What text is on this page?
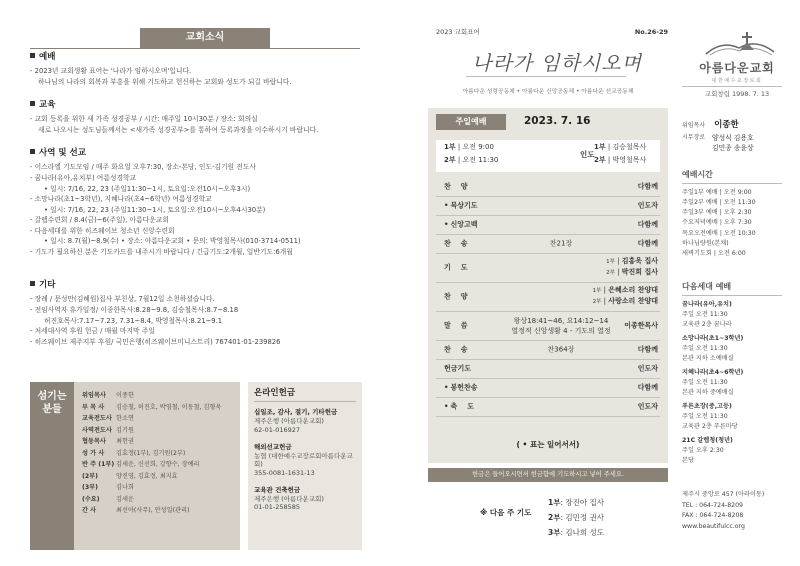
교회소식
예배

- 2023년 교회생활 표어는 '나라가 임하시오며'입니다.

하나님의 나라의 회복과 부흥을 위해 기도하고 헌신하는 교회와 성도가 되길 바랍니다.

교육

- 교회 등록을 위한 새 가족 성경공부 / 시간: 매주일 10시30분 / 장소: 회의실

새로 나오시는 성도님들께서는 <새가족 성경공부>를 통하여 등록과정을 이수하시기 바랍니다.

사역 및 선교

- 이스라엘 기도모임 / 매주 화요일 오후7:30, 장소-본당, 인도-김기원 전도사

- 꿈나라(유아,유치부) 여름성경학교

• 일시: 7/16, 22, 23 (주일11:30~1시, 토요일:오전10시~오후3시)

- 소망나라(초1~3학년), 지혜나라(초4~6학년) 여름성경학교

• 일시: 7/16, 22, 23 (주일11:30~1시, 토요일:오전10시~오후4시30분)

- 갈렙수련회 / 8.4(금)~6(주일), 아름다운교회

- 다음세대를 위한 히즈웨이브 청소년 신앙수련회

• 일시: 8.7(월)~8.9(수) • 장소: 아름다운교회 • 문의: 박영철목사(010-3714-0511)

- 기도가 필요하신 분은 기도카드를 내주시기 바랍니다 / 긴급기도:2개월, 일반기도:6개월

기타

- 장례 / 문성만(김혜원)집사 부친상, 7월12일 소천하셨습니다.

- 전임사역자 휴가일정/ 이종한목사:8.28~9.8, 김승철목사:8.7~8.18

허진호목사:7.17~7.23, 7.31~8.4, 박영철목사:8.21~9.1

- 처세대사역 후원 헌금 / 매월 마지막 주일

- 히즈웨이브 제주지부 후원/ 국민은행(히즈웨이브미니스트리) 767401-01-239826

섬기는
분들
위임목사	이종한
부 목 사	김승철, 허진호, 박영철, 이동철, 김형욱
교육전도사 한소연
사역전도사 김기원
협동목사	최헌권
성 가 사	김효정(1부), 김기원(2부)
반 주 (1부) 김세운, 신선희, 강향수, 장예리
(2부)	양진영, 김효정, 최지효
(3부)	김나희
(수요)	김세운
간 사	최선아(사무), 안성일(관리)
온라인헌금
십일조, 감사, 절기, 기타헌금
제주은행 (아름다운교회)
62-01-016927
해외선교헌금
농협 (대한예수교장로회아름다운교회)
355-0081-1631-13
교육관 건축헌금
제주은행 (아름다운교회)
01-01-258585
2023 교회표어	No.26-29
나라가 임하시오며
아름다운 성령공동체 • 아름다운 신앙공동체 • 아름다운 선교공동체
주일예배	2023. 7. 16
1부 | 오전 9:00
2부 | 오전 11:30
인도
1부 | 김승철목사
2부 | 박영철목사
찬양	다함께
• 묵상기도	인도자
• 신앙고백	다함께
찬송	찬21장	다함께
기도
1부 | 김홍욱 집사
2부 | 박진희 집사
찬양
1부 | 은혜소리 찬양대
2부 | 사랑소리 찬양대
말씀
왕상18:41~46, 요14:12~14
열정적 신앙생활 4 - 기도의 열정
이종한목사
찬송	찬364장	다함께
헌금기도	인도자
• 봉헌찬송	다함께
• 축도	인도자
( • 표는 일어서서)
헌금은 들어오시면서 헌금함에 기도하시고 넣어 주세요.
※ 다음 주 기도
1부: 장진아 집사
2부: 김민정 권사
3부: 김나희 성도
아름다운교회
대한예수교장로회
교회창립 1998. 7. 13
위임목사 이종한
시무장로	양성식 김용호
김민종 송윤상
예배시간
주일1부 예배 | 오전 9:00
주일2부 예배 | 오전 11:30
주일3부 예배 | 오후 2:30
수요저녁예배 | 오후 7:30
목요오전예배 | 오전 10:30
하나님량원(본채)
새벽기도회 | 오전 6:00
다음세대 예배
꿈나라(유아,유치)
주일 오전 11:30
교육관 2층 꿈나라
소망나라(초1~3학년)
주일 오전 11:30
본관 지하 소예배실
지혜나라(초4~6학년)
주일 오전 11:30
본관 지하 중예배실
푸른초장(중,고등)
주일 오전 11:30
교육관 2층 푸른마당
21C 갈렙청(청년)
주일 오후 2:30
본당
제주시 중앙로 457 (아라이동)
TEL : 064-724-8209
FAX : 064-724-8208
www.beautifulcc.org
